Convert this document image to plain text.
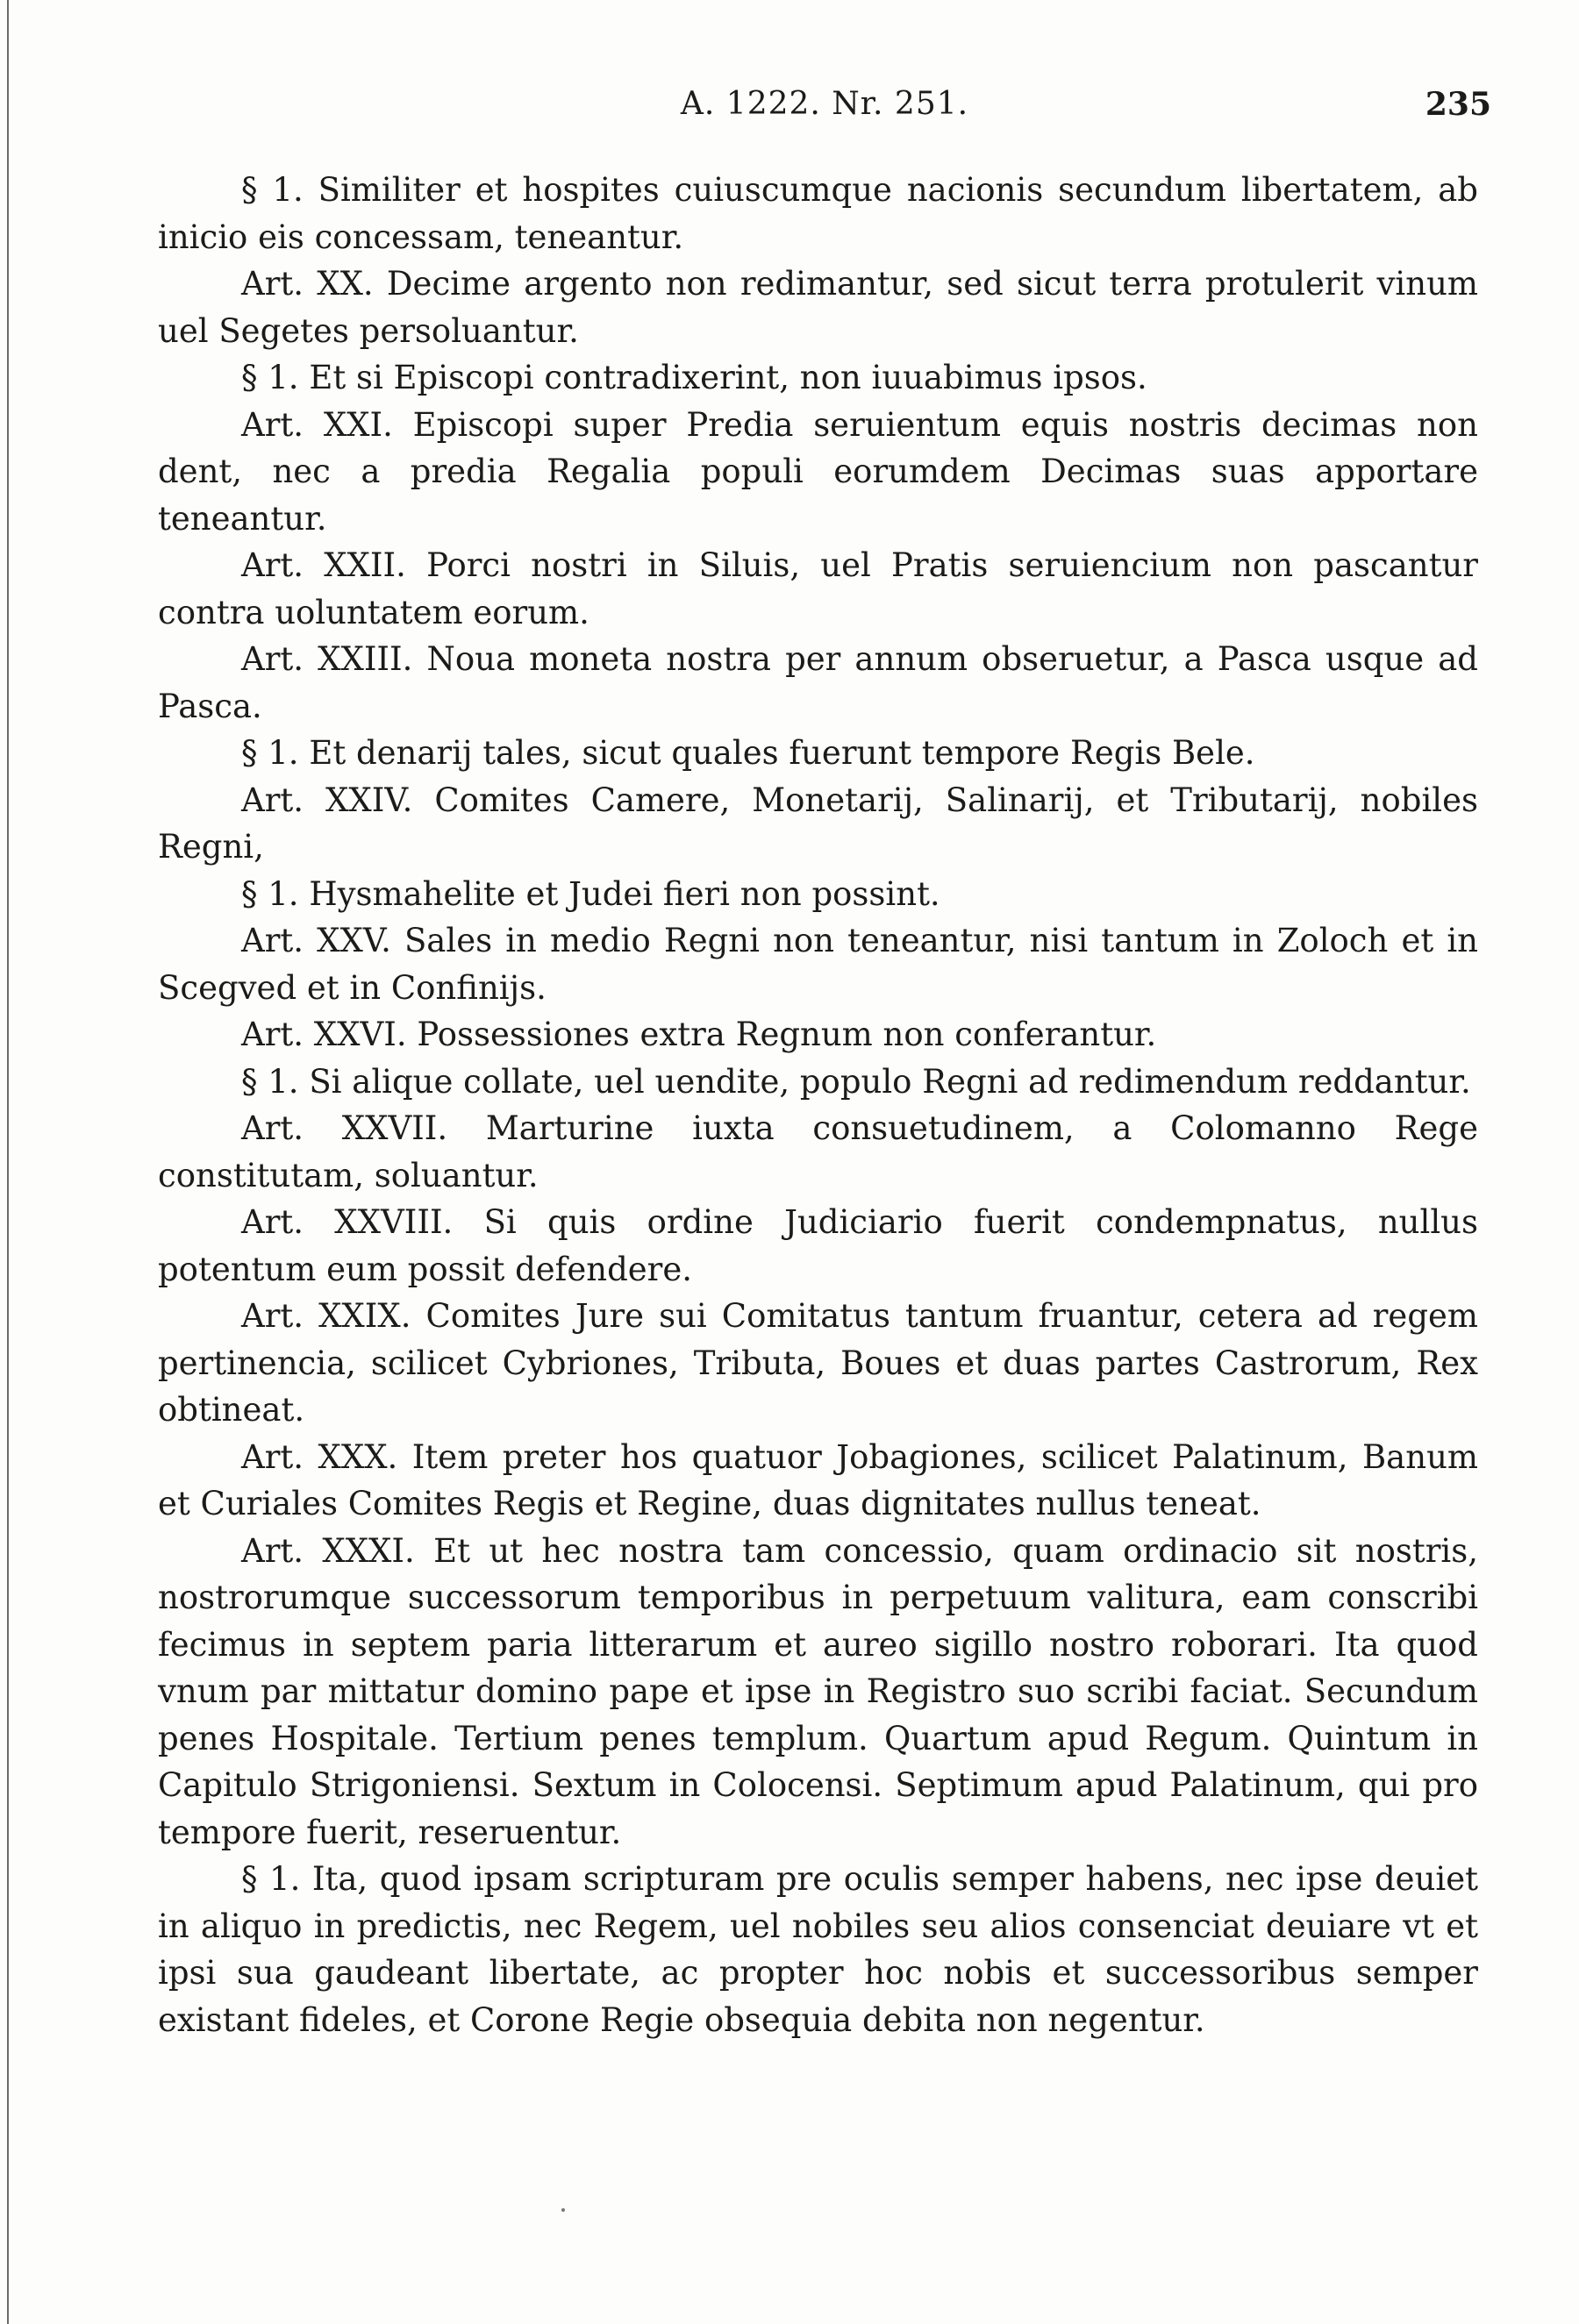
A. 1222. Nr. 251.	235

§ 1. Similiter et hospites cuiuscumque nacionis secundum libertatem, ab inicio eis concessam, teneantur.

Art. XX. Decime argento non redimantur, sed sicut terra protulerit vinum uel Segetes persoluantur.

§ 1. Et si Episcopi contradixerint, non iuuabimus ipsos.

Art. XXI. Episcopi super Predia seruientum equis nostris decimas non dent, nec a predia Regalia populi eorumdem Decimas suas apportare teneantur.

Art. XXII. Porci nostri in Siluis, uel Pratis seruiencium non pascantur contra uoluntatem eorum.

Art. XXIII. Noua moneta nostra per annum obseruetur, a Pasca usque ad Pasca.

§ 1. Et denarij tales, sicut quales fuerunt tempore Regis Bele.

Art. XXIV. Comites Camere, Monetarij, Salinarij, et Tributarij, nobiles Regni,

§ 1. Hysmahelite et Judei fieri non possint.

Art. XXV. Sales in medio Regni non teneantur, nisi tantum in Zoloch et in Scegved et in Confinijs.

Art. XXVI. Possessiones extra Regnum non conferantur.

§ 1. Si alique collate, uel uendite, populo Regni ad redimendum reddantur.

Art. XXVII. Marturine iuxta consuetudinem, a Colomanno Rege constitutam, soluantur.

Art. XXVIII. Si quis ordine Judiciario fuerit condempnatus, nullus potentum eum possit defendere.

Art. XXIX. Comites Jure sui Comitatus tantum fruantur, cetera ad regem pertinencia, scilicet Cybriones, Tributa, Boues et duas partes Castrorum, Rex obtineat.

Art. XXX. Item preter hos quatuor Jobagiones, scilicet Palatinum, Banum et Curiales Comites Regis et Regine, duas dignitates nullus teneat.

Art. XXXI. Et ut hec nostra tam concessio, quam ordinacio sit nostris, nostrorumque successorum temporibus in perpetuum valitura, eam conscribi fecimus in septem paria litterarum et aureo sigillo nostro roborari. Ita quod vnum par mittatur domino pape et ipse in Registro suo scribi faciat. Secundum penes Hospitale. Tertium penes templum. Quartum apud Regum. Quintum in Capitulo Strigoniensi. Sextum in Colocensi. Septimum apud Palatinum, qui pro tempore fuerit, reseruentur.

§ 1. Ita, quod ipsam scripturam pre oculis semper habens, nec ipse deuiet in aliquo in predictis, nec Regem, uel nobiles seu alios consenciat deuiare vt et ipsi sua gaudeant libertate, ac propter hoc nobis et successoribus semper existant fideles, et Corone Regie obsequia debita non negentur.
